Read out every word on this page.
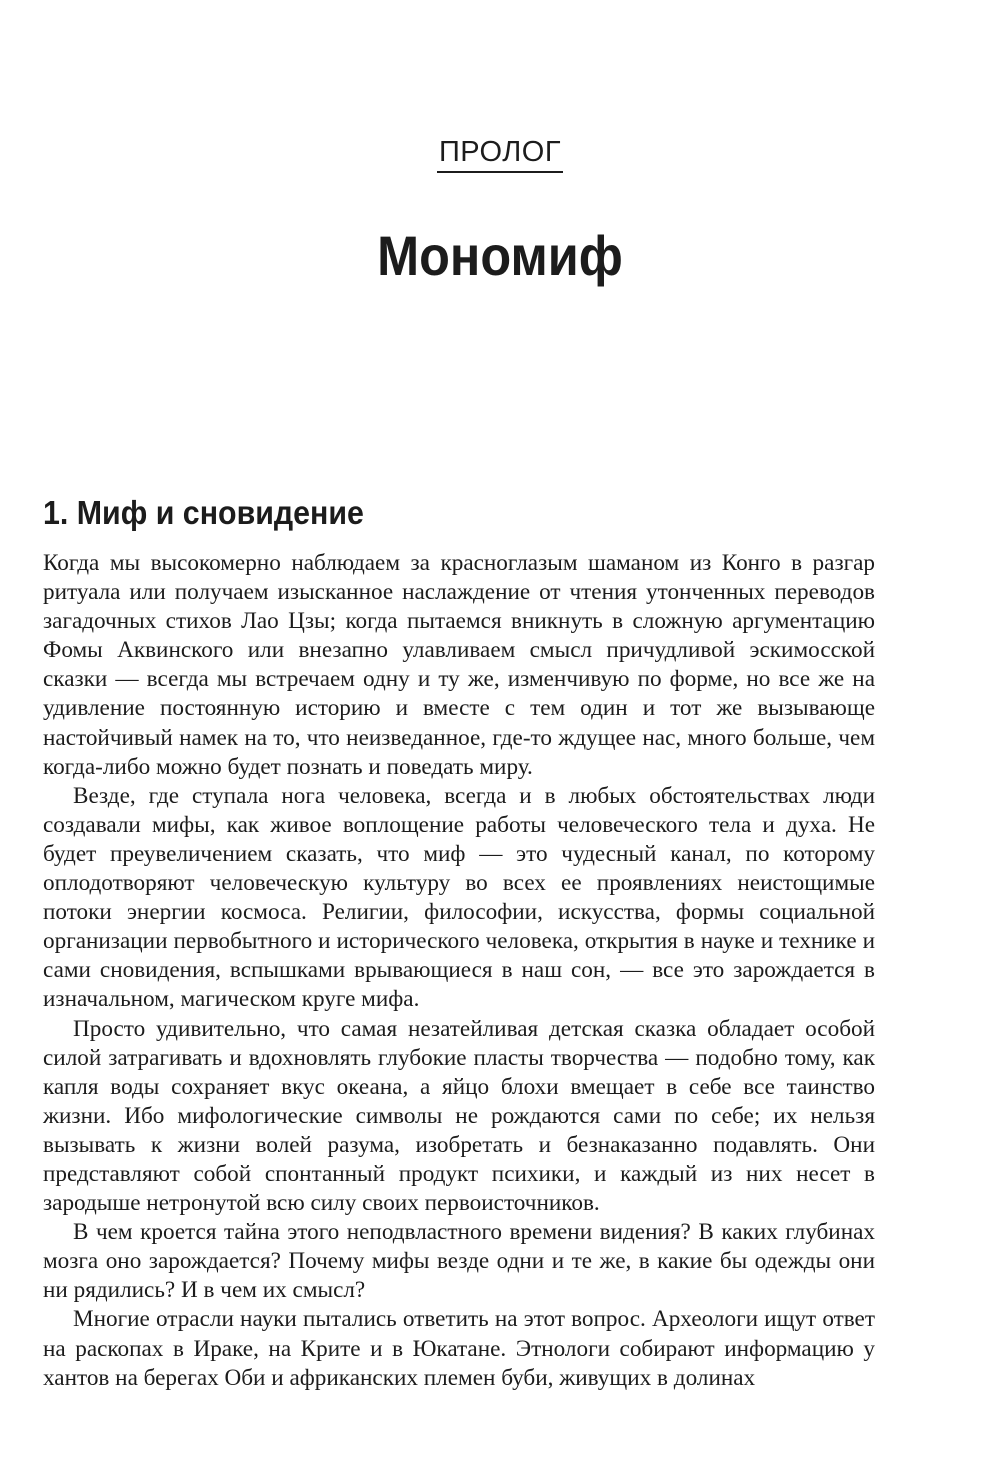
ПРОЛОГ
Мономиф
1. Миф и сновидение

Когда мы высокомерно наблюдаем за красноглазым шаманом из Конго в разгар ритуала или получаем изысканное наслаждение от чтения утонченных переводов загадочных стихов Лао Цзы; когда пытаемся вникнуть в сложную аргументацию Фомы Аквинского или внезапно улавливаем смысл причудливой эскимосской сказки — всегда мы встречаем одну и ту же, изменчивую по форме, но все же на удивление постоянную историю и вместе с тем один и тот же вызывающе настойчивый намек на то, что неизведанное, где-то ждущее нас, много больше, чем когда-либо можно будет познать и поведать миру.

Везде, где ступала нога человека, всегда и в любых обстоятельствах люди создавали мифы, как живое воплощение работы человеческого тела и духа. Не будет преувеличением сказать, что миф — это чудесный канал, по которому оплодотворяют человеческую культуру во всех ее проявлениях неистощимые потоки энергии космоса. Религии, философии, искусства, формы социальной организации первобытного и исторического человека, открытия в науке и технике и сами сновидения, вспышками врывающиеся в наш сон, — все это зарождается в изначальном, магическом круге мифа.

Просто удивительно, что самая незатейливая детская сказка обладает особой силой затрагивать и вдохновлять глубокие пласты творчества — подобно тому, как капля воды сохраняет вкус океана, а яйцо блохи вмещает в себе все таинство жизни. Ибо мифологические символы не рождаются сами по себе; их нельзя вызывать к жизни волей разума, изобретать и безнаказанно подавлять. Они представляют собой спонтанный продукт психики, и каждый из них несет в зародыше нетронутой всю силу своих первоисточников.

В чем кроется тайна этого неподвластного времени видения? В каких глубинах мозга оно зарождается? Почему мифы везде одни и те же, в какие бы одежды они ни рядились? И в чем их смысл?

Многие отрасли науки пытались ответить на этот вопрос. Археологи ищут ответ на раскопах в Ираке, на Крите и в Юкатане. Этнологи собирают информацию у хантов на берегах Оби и африканских племен буби, живущих в долинах
